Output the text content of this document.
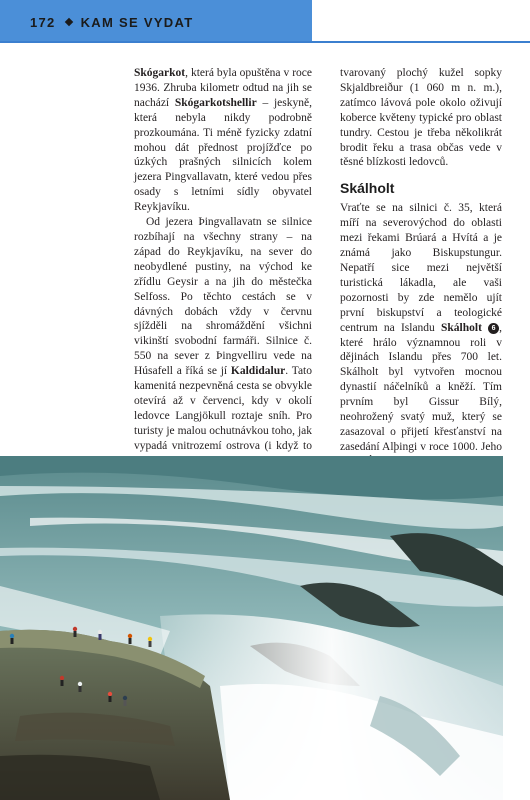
172 KAM SE VYDAT

Skógarkot, která byla opuštěna v roce 1936. Zhruba kilometr odtud na jih se nachází Skógarkotshellir – jeskyně, která nebyla nikdy podrobně prozkoumána. Ti méně fyzicky zdatní mohou dát přednost projížďce po úzkých prašných silnicích kolem jezera Pingvallavatn, které vedou přes osady s letními sídly obyvatel Reykjavíku.

Od jezera Þingvallavatn se silnice rozbíhají na všechny strany – na západ do Reykjavíku, na sever do neobydlené pustiny, na východ ke zřídlu Geysir a na jih do městečka Selfoss. Po těchto cestách se v dávných dobách vždy v červnu sjížděli na shromáždění všichni vikinští svobodní farmáři. Silnice č. 550 na sever z Þingvelliru vede na Húsafell a říká se jí Kaldidalur. Tato kamenitá nezpevněná cesta se obvykle otevírá až v červenci, kdy v okolí ledovce Langjökull roztaje sníh. Pro turisty je malou ochutnávkou toho, jak vypadá vnitrozemí ostrova (i když to

tvarovaný plochý kužel sopky Skjaldbreiður (1 060 m n. m.), zatímco lávová pole okolo oživují koberce květeny typické pro oblast tundry. Cestou je třeba několikrát brodit řeku a trasa občas vede v těsné blízkosti ledovců.

Skálholt

Vraťte se na silnici č. 35, která míří na severovýchod do oblasti mezi řekami Brúará a Hvítá a je známá jako Biskupstungur. Nepatří sice mezi největší turistická lákadla, ale vaši pozornosti by zde nemělo ujít první biskupství a teologické centrum na Islandu Skálholt 6 , které hrálo významnou roli v dějinách Islandu přes 700 let. Skálholt byl vytvořen mocnou dynastií náčelníků a kněží. Tím prvním byl Gissur Bílý, neohrožený svatý muž, který se zasazoval o přijetí křesťanství na zasedání Alþingi v roce 1000. Jeho
